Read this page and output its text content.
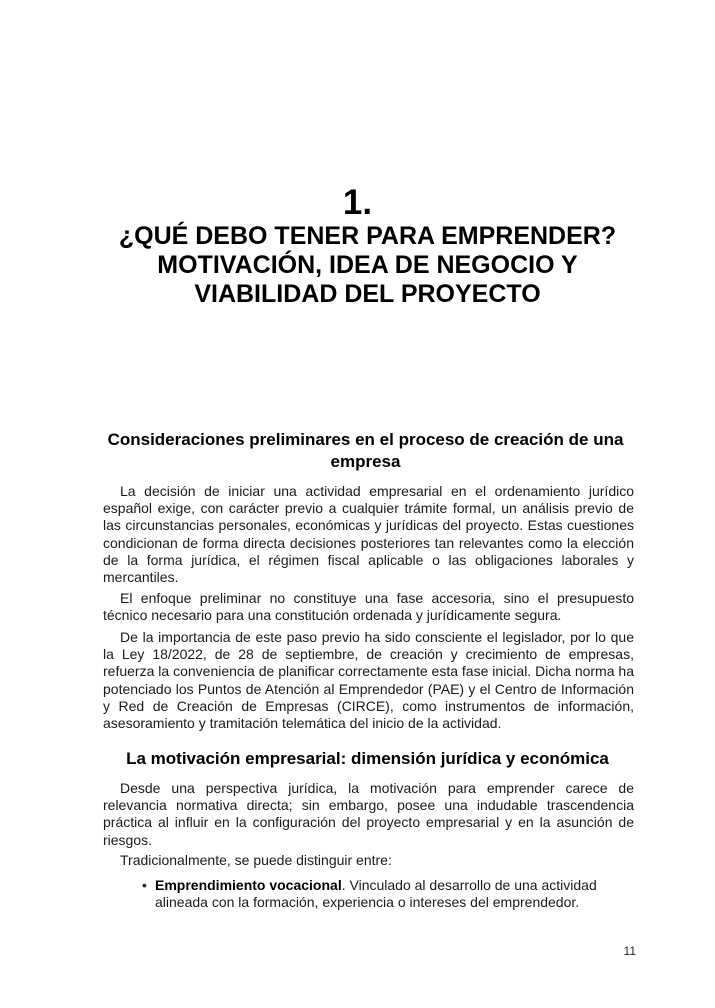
1.
¿QUÉ DEBO TENER PARA EMPRENDER? MOTIVACIÓN, IDEA DE NEGOCIO Y VIABILIDAD DEL PROYECTO
Consideraciones preliminares en el proceso de creación de una empresa

La decisión de iniciar una actividad empresarial en el ordenamiento jurídico español exige, con carácter previo a cualquier trámite formal, un análisis previo de las circunstancias personales, económicas y jurídicas del proyecto. Estas cuestiones condicionan de forma directa decisiones posteriores tan relevantes como la elección de la forma jurídica, el régimen fiscal aplicable o las obligaciones laborales y mercantiles.

El enfoque preliminar no constituye una fase accesoria, sino el presupuesto técnico necesario para una constitución ordenada y jurídicamente segura.

De la importancia de este paso previo ha sido consciente el legislador, por lo que la Ley 18/2022, de 28 de septiembre, de creación y crecimiento de empresas, refuerza la conveniencia de planificar correctamente esta fase inicial. Dicha norma ha potenciado los Puntos de Atención al Emprendedor (PAE) y el Centro de Información y Red de Creación de Empresas (CIRCE), como instrumentos de información, asesoramiento y tramitación telemática del inicio de la actividad.

La motivación empresarial: dimensión jurídica y económica

Desde una perspectiva jurídica, la motivación para emprender carece de relevancia normativa directa; sin embargo, posee una indudable trascendencia práctica al influir en la configuración del proyecto empresarial y en la asunción de riesgos.

Tradicionalmente, se puede distinguir entre:

• Emprendimiento vocacional. Vinculado al desarrollo de una actividad alineada con la formación, experiencia o intereses del emprendedor.

11
